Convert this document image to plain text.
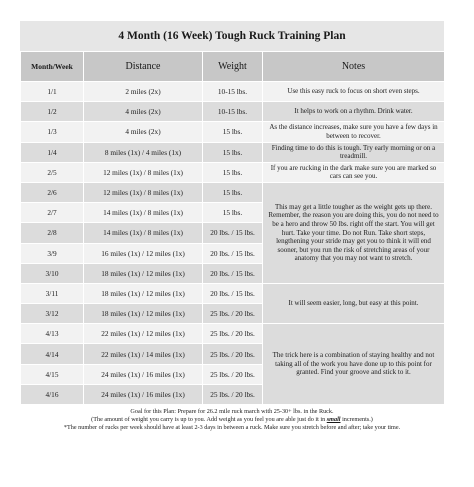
4 Month (16 Week) Tough Ruck Training Plan
Month/Week	Distance	Weight	Notes
1/1	2 miles (2x)	10-15 lbs.	Use this easy ruck to focus on short even steps.
1/2	4 miles (2x)	10-15 lbs.	It helps to work on a rhythm. Drink water.
1/3	4 miles (2x)	15 lbs.	As the distance increases, make sure you have a few days in between to recover.
1/4	8 miles (1x) / 4 miles (1x)	15 lbs.	Finding time to do this is tough. Try early morning or on a treadmill.
2/5	12 miles (1x) / 8 miles (1x)	15 lbs.	If you are rucking in the dark make sure you are marked so cars can see you.
2/6	12 miles (1x) / 8 miles (1x)	15 lbs.	This may get a little tougher as the weight gets up there. Remember, the reason you are doing this, you do not need to be a hero and throw 50 lbs. right off the start. You will get hurt. Take your time. Do not Run. Take short steps, lengthening your stride may get you to think it will end sooner, but you run the risk of stretching areas of your anatomy that you may not want to stretch.
2/7	14 miles (1x) / 8 miles (1x)	15 lbs.	
2/8	14 miles (1x) / 8 miles (1x)	20 lbs. / 15 lbs.	
3/9	16 miles (1x) / 12 miles (1x)	20 lbs. / 15 lbs.	
3/10	18 miles (1x) / 12 miles (1x)	20 lbs. / 15 lbs.	
3/11	18 miles (1x) / 12 miles (1x)	20 lbs. / 15 lbs.	It will seem easier, long, but easy at this point.
3/12	18 miles (1x) / 12 miles (1x)	25 lbs. / 20 lbs.	
4/13	22 miles (1x) / 12 miles (1x)	25 lbs. / 20 lbs.	The trick here is a combination of staying healthy and not taking all of the work you have done up to this point for granted. Find your groove and stick to it.
4/14	22 miles (1x) / 14 miles (1x)	25 lbs. / 20 lbs.	
4/15	24 miles (1x) / 16 miles (1x)	25 lbs. / 20 lbs.	
4/16	24 miles (1x) / 16 miles (1x)	25 lbs. / 20 lbs.	
Goal for this Plan: Prepare for 26.2 mile ruck march with 25-30+ lbs. in the Ruck.
(The amount of weight you carry is up to you. Add weight as you feel you are able just do it in small increments.)
*The number of rucks per week should have at least 2-3 days in between a ruck. Make sure you stretch before and after; take your time.
